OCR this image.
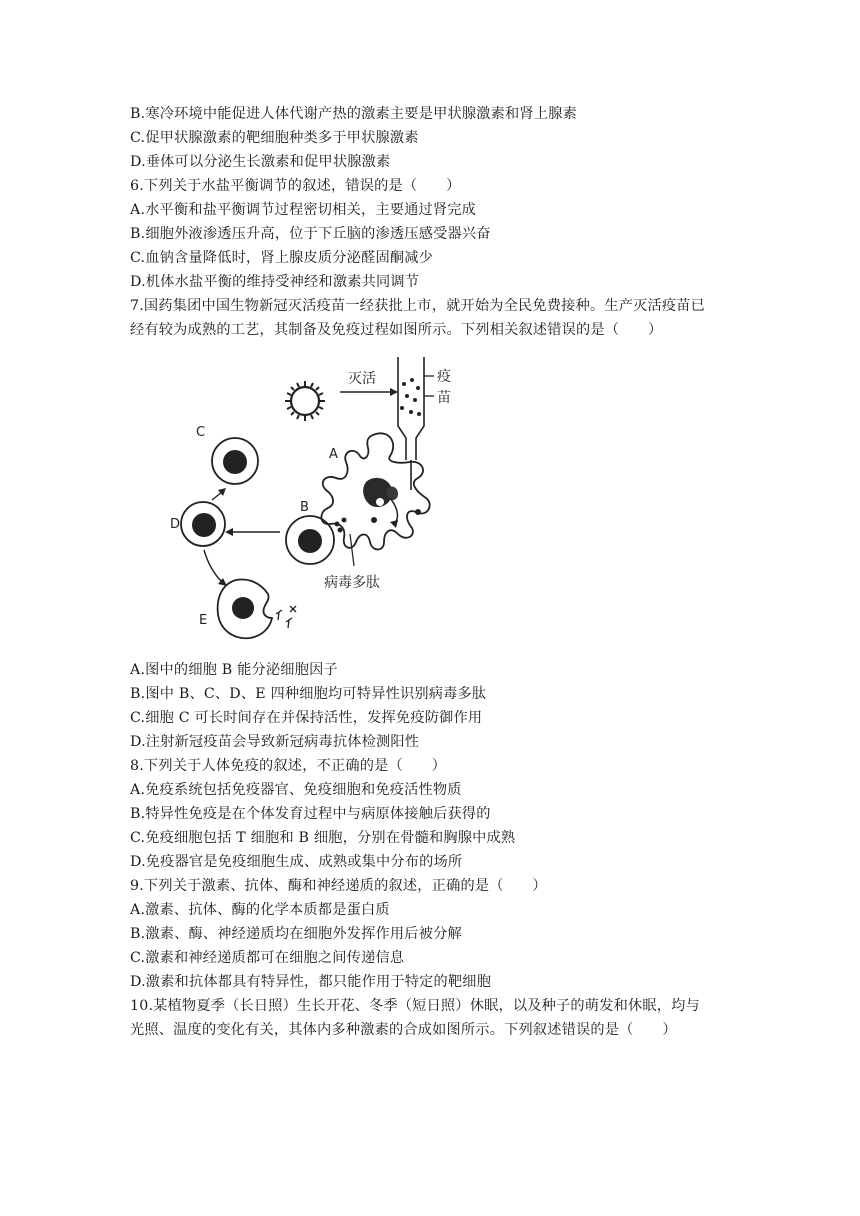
B.寒冷环境中能促进人体代谢产热的激素主要是甲状腺激素和肾上腺素
C.促甲状腺激素的靶细胞种类多于甲状腺激素
D.垂体可以分泌生长激素和促甲状腺激素
6.下列关于水盐平衡调节的叙述，错误的是（　　）
A.水平衡和盐平衡调节过程密切相关，主要通过肾完成
B.细胞外液渗透压升高，位于下丘脑的渗透压感受器兴奋
C.血钠含量降低时，肾上腺皮质分泌醛固酮减少
D.机体水盐平衡的维持受神经和激素共同调节
7.国药集团中国生物新冠灭活疫苗一经获批上市，就开始为全民免费接种。生产灭活疫苗已
经有较为成熟的工艺，其制备及免疫过程如图所示。下列相关叙述错误的是（　　）
灭活	疫
苗
A
B
病毒多肽
D
C
E
A.图中的细胞 B 能分泌细胞因子
B.图中 B、C、D、E 四种细胞均可特异性识别病毒多肽
C.细胞 C 可长时间存在并保持活性，发挥免疫防御作用
D.注射新冠疫苗会导致新冠病毒抗体检测阳性
8.下列关于人体免疫的叙述，不正确的是（　　）
A.免疫系统包括免疫器官、免疫细胞和免疫活性物质
B.特异性免疫是在个体发育过程中与病原体接触后获得的
C.免疫细胞包括 T 细胞和 B 细胞，分别在骨髓和胸腺中成熟
D.免疫器官是免疫细胞生成、成熟或集中分布的场所
9.下列关于激素、抗体、酶和神经递质的叙述，正确的是（　　）
A.激素、抗体、酶的化学本质都是蛋白质
B.激素、酶、神经递质均在细胞外发挥作用后被分解
C.激素和神经递质都可在细胞之间传递信息
D.激素和抗体都具有特异性，都只能作用于特定的靶细胞
10.某植物夏季（长日照）生长开花、冬季（短日照）休眠，以及种子的萌发和休眠，均与
光照、温度的变化有关，其体内多种激素的合成如图所示。下列叙述错误的是（　　）
